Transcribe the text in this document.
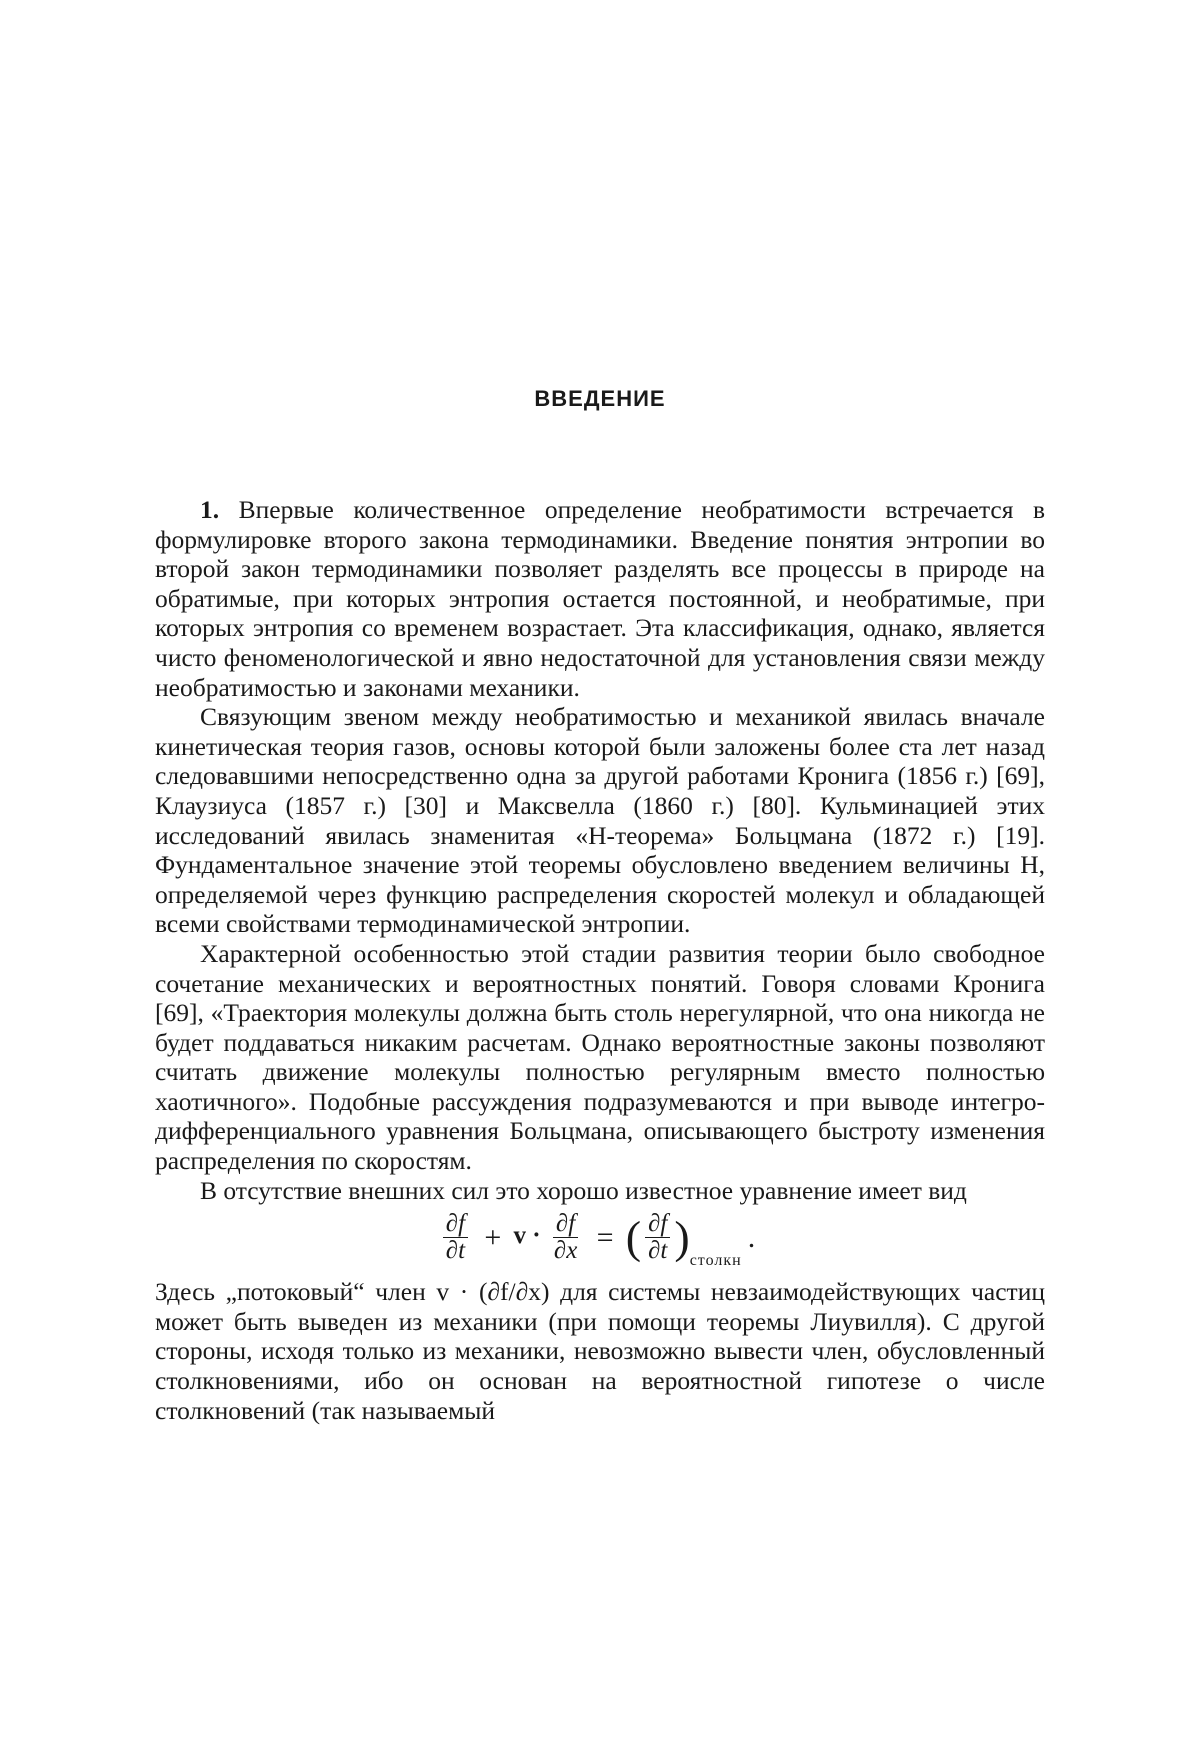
ВВЕДЕНИЕ

1. Впервые количественное определение необратимости встречается в формулировке второго закона термодинамики. Введение понятия энтропии во второй закон термодинамики позволяет разделять все процессы в природе на обратимые, при которых энтропия остается постоянной, и необратимые, при которых энтропия со временем возрастает. Эта классификация, однако, является чисто феноменологической и явно недостаточной для установления связи между необратимостью и законами механики.

Связующим звеном между необратимостью и механикой явилась вначале кинетическая теория газов, основы которой были заложены более ста лет назад следовавшими непосредственно одна за другой работами Кронига (1856 г.) [69], Клаузиуса (1857 г.) [30] и Максвелла (1860 г.) [80]. Кульминацией этих исследований явилась знаменитая «H-теорема» Больцмана (1872 г.) [19]. Фундаментальное значение этой теоремы обусловлено введением величины H, определяемой через функцию распределения скоростей молекул и обладающей всеми свойствами термодинамической энтропии.

Характерной особенностью этой стадии развития теории было свободное сочетание механических и вероятностных понятий. Говоря словами Кронига [69], «Траектория молекулы должна быть столь нерегулярной, что она никогда не будет поддаваться никаким расчетам. Однако вероятностные законы позволяют считать движение молекулы полностью регулярным вместо полностью хаотичного». Подобные рассуждения подразумеваются и при выводе интегро-дифференциального уравнения Больцмана, описывающего быстроту изменения распределения по скоростям.

В отсутствие внешних сил это хорошо известное уравнение имеет вид

∂f
∂t + v · ∂f
∂x = ( ∂f
∂t )столкн.

Здесь „потоковый“ член v · (∂f/∂x) для системы невзаимодействующих частиц может быть выведен из механики (при помощи теоремы Лиувилля). С другой стороны, исходя только из механики, невозможно вывести член, обусловленный столкновениями, ибо он основан на вероятностной гипотезе о числе столкновений (так называемый
